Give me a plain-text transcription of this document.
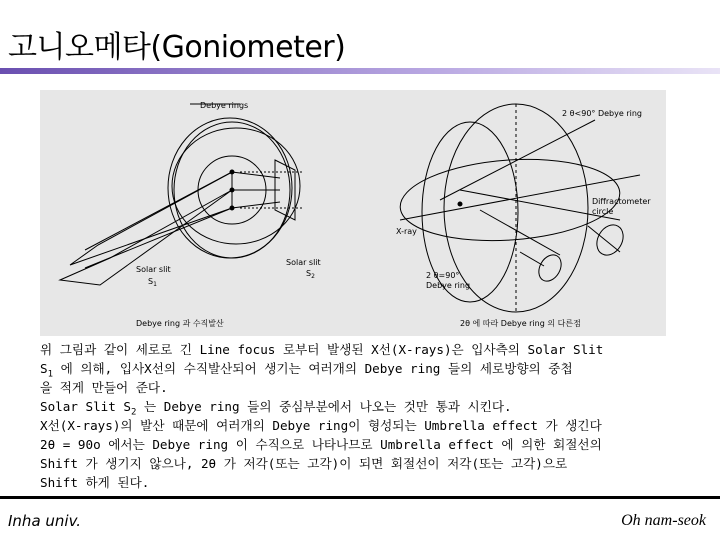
고니오메타(Goniometer)
Debye rings
Solar slit
$S_1$
Solar slit
$S_2$
Debye ring 과 수직발산
2 θ<90° Debye ring
X-ray
Diffractometer
circle
2 θ=90°
Debye ring
2θ 에 따라 Debye ring 의 다른점
위 그림과 같이 세로로 긴 Line focus 로부터 발생된 X선(X-rays)은 입사측의 Solar Slit
$S_1$ 에 의해, 입사X선의 수직발산되어 생기는 여러개의 Debye ring 들의 세로방향의 중첩
을 적게 만들어 준다.
Solar Slit $S_2$ 는 Debye ring 들의 중심부분에서 나오는 것만 통과 시킨다.
X선(X-rays)의 발산 때문에 여러개의 Debye ring이 형성되는 Umbrella effect 가 생긴다
2θ = 90o 에서는 Debye ring 이 수직으로 나타나므로 Umbrella effect 에 의한 회절선의
Shift 가 생기지 않으나, 2θ 가 저각(또는 고각)이 되면 회절선이 저각(또는 고각)으로
Shift 하게 된다.
Inha univ.	Oh nam-seok
